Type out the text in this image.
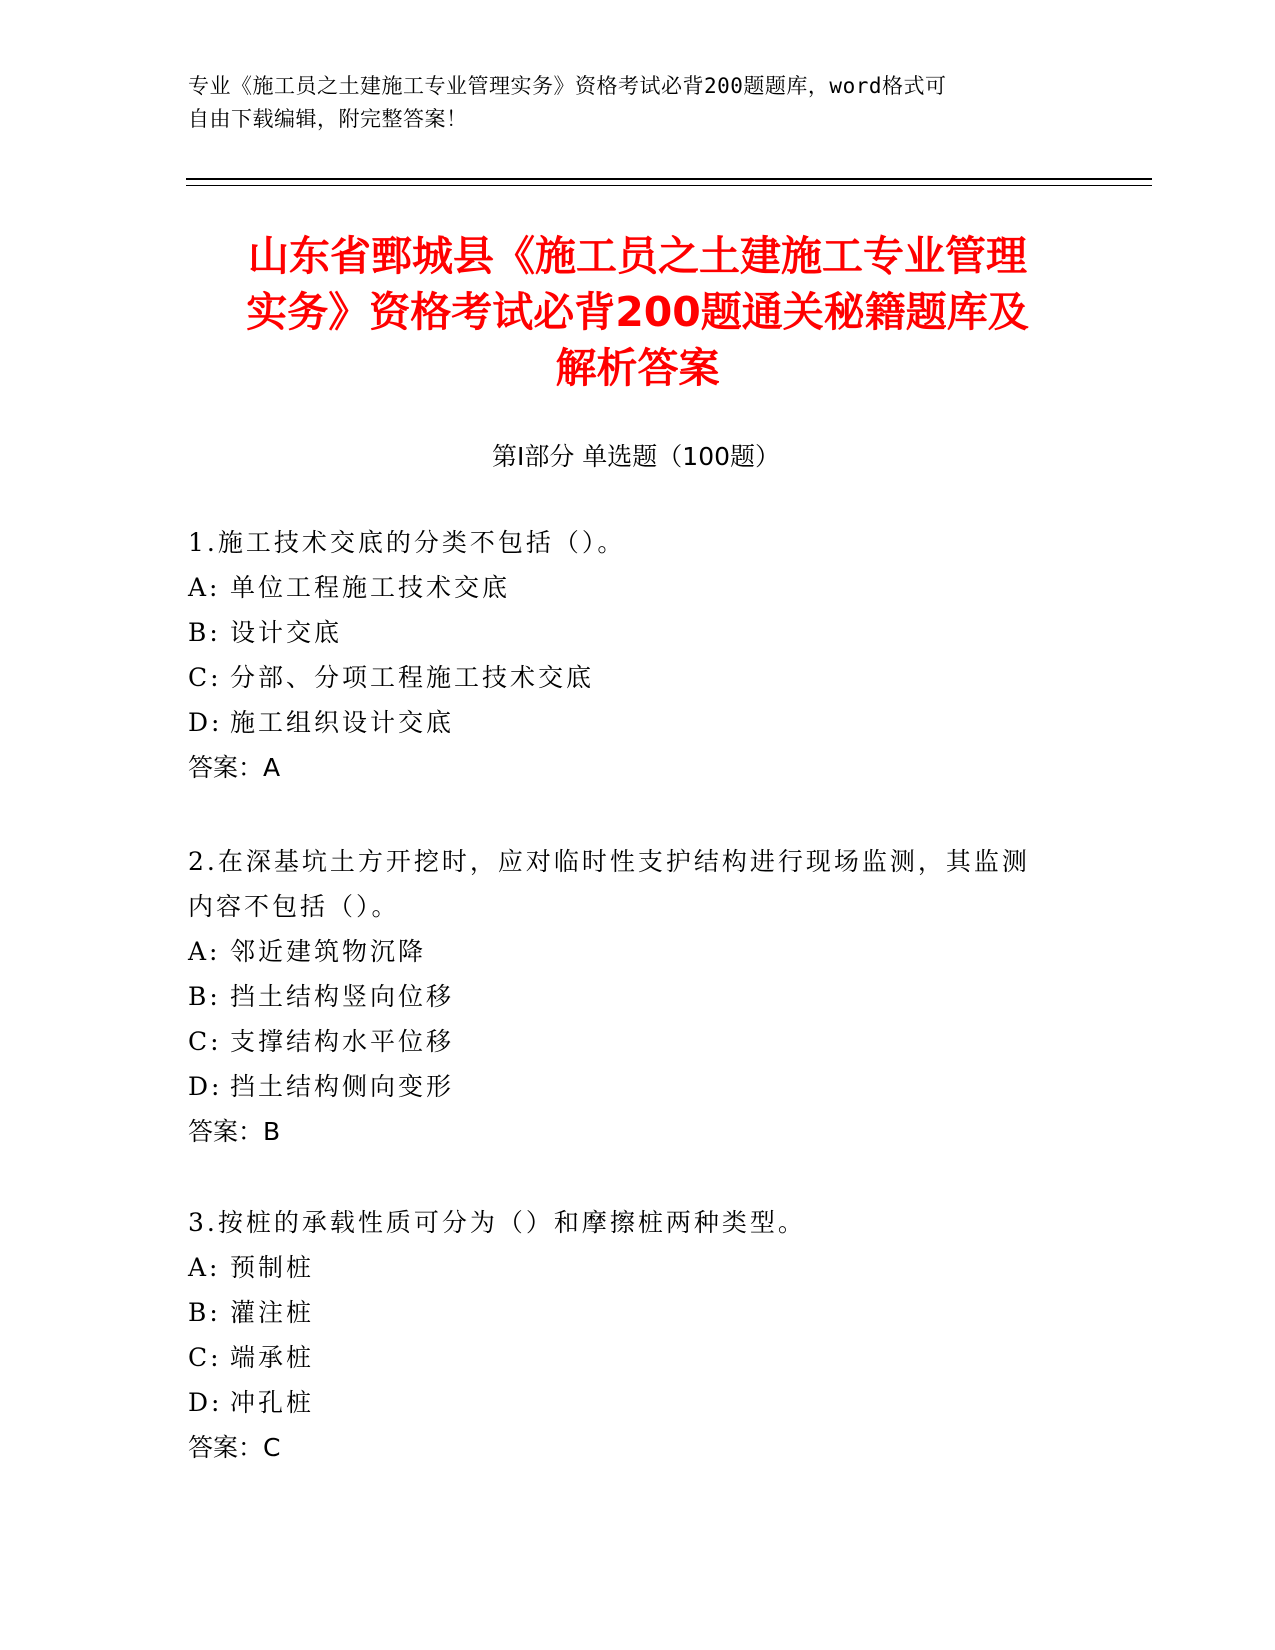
专业《施工员之土建施工专业管理实务》资格考试必背200题题库，word格式可
自由下载编辑，附完整答案！
山东省鄄城县《施工员之土建施工专业管理
实务》资格考试必背200题通关秘籍题库及
解析答案
第I部分 单选题（100题）
1.施工技术交底的分类不包括（）。
A: 单位工程施工技术交底
B: 设计交底
C: 分部、分项工程施工技术交底
D: 施工组织设计交底
答案：A
2.在深基坑土方开挖时，应对临时性支护结构进行现场监测，其监测
内容不包括（）。
A: 邻近建筑物沉降
B: 挡土结构竖向位移
C: 支撑结构水平位移
D: 挡土结构侧向变形
答案：B
3.按桩的承载性质可分为（）和摩擦桩两种类型。
A: 预制桩
B: 灌注桩
C: 端承桩
D: 冲孔桩
答案：C
